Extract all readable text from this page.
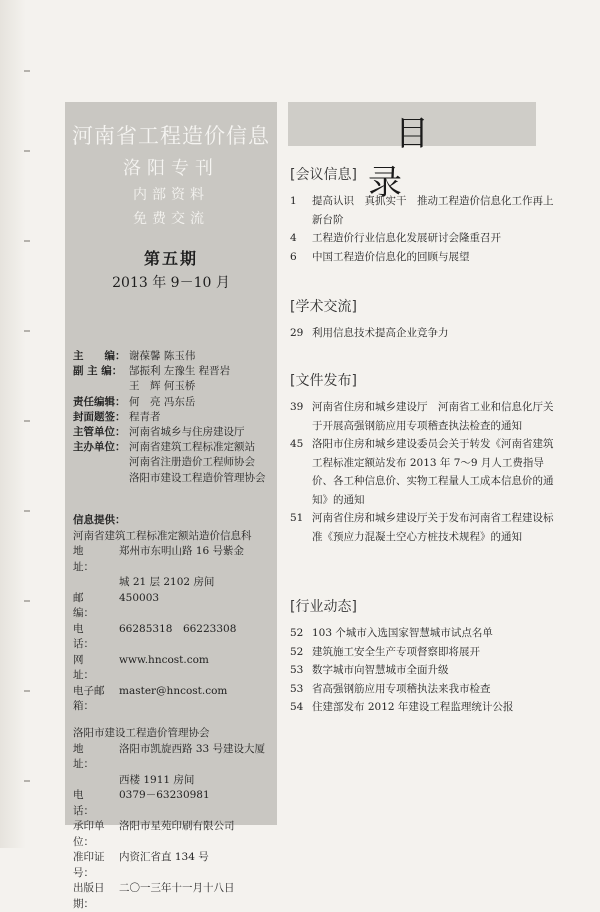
河南省工程造价信息
洛阳专刊
内部资料
免费交流
第五期
2013 年 9－10 月
主　　编： 谢葆馨 陈玉伟
副 主 编： 郜振利 左豫生 程晋岩
王　辉 何玉桥
责任编辑： 何　亮 冯东岳
封面题签： 程青者
主管单位： 河南省城乡与住房建设厅
主办单位： 河南省建筑工程标准定额站
河南省注册造价工程师协会
洛阳市建设工程造价管理协会
信息提供：
河南省建筑工程标准定额站造价信息科
地　　址：
郑州市东明山路 16 号紫金
城 21 层 2102 房间
邮　　编：
450003
电　　话：
66285318　66223308
网　　址：
www.hncost.com
电子邮箱：
master@hncost.com
洛阳市建设工程造价管理协会
地　　址：
洛阳市凯旋西路 33 号建设大厦
西楼 1911 房间
电　　话：
0379－63230981
承印单位：
洛阳市星苑印刷有限公司
准印证号：
内资汇省直 134 号
出版日期：
二〇一三年十一月十八日
目　录
[会议信息]
1	提高认识　真抓实干　推动工程造价信息化工作再上新台阶
4	工程造价行业信息化发展研讨会隆重召开
6	中国工程造价信息化的回顾与展望
[学术交流]
29 利用信息技术提高企业竞争力
[文件发布]
39 河南省住房和城乡建设厅　河南省工业和信息化厅关于开展高强钢筋应用专项稽查执法检查的通知
45 洛阳市住房和城乡建设委员会关于转发《河南省建筑工程标准定额站发布 2013 年 7～9 月人工费指导价、各工种信息价、实物工程量人工成本信息价的通知》的通知
51 河南省住房和城乡建设厅关于发布河南省工程建设标准《预应力混凝土空心方桩技术规程》的通知
[行业动态]
52 103 个城市入选国家智慧城市试点名单
52 建筑施工安全生产专项督察即将展开
53 数字城市向智慧城市全面升级
53 省高强钢筋应用专项稽执法来我市检查
54 住建部发布 2012 年建设工程监理统计公报
